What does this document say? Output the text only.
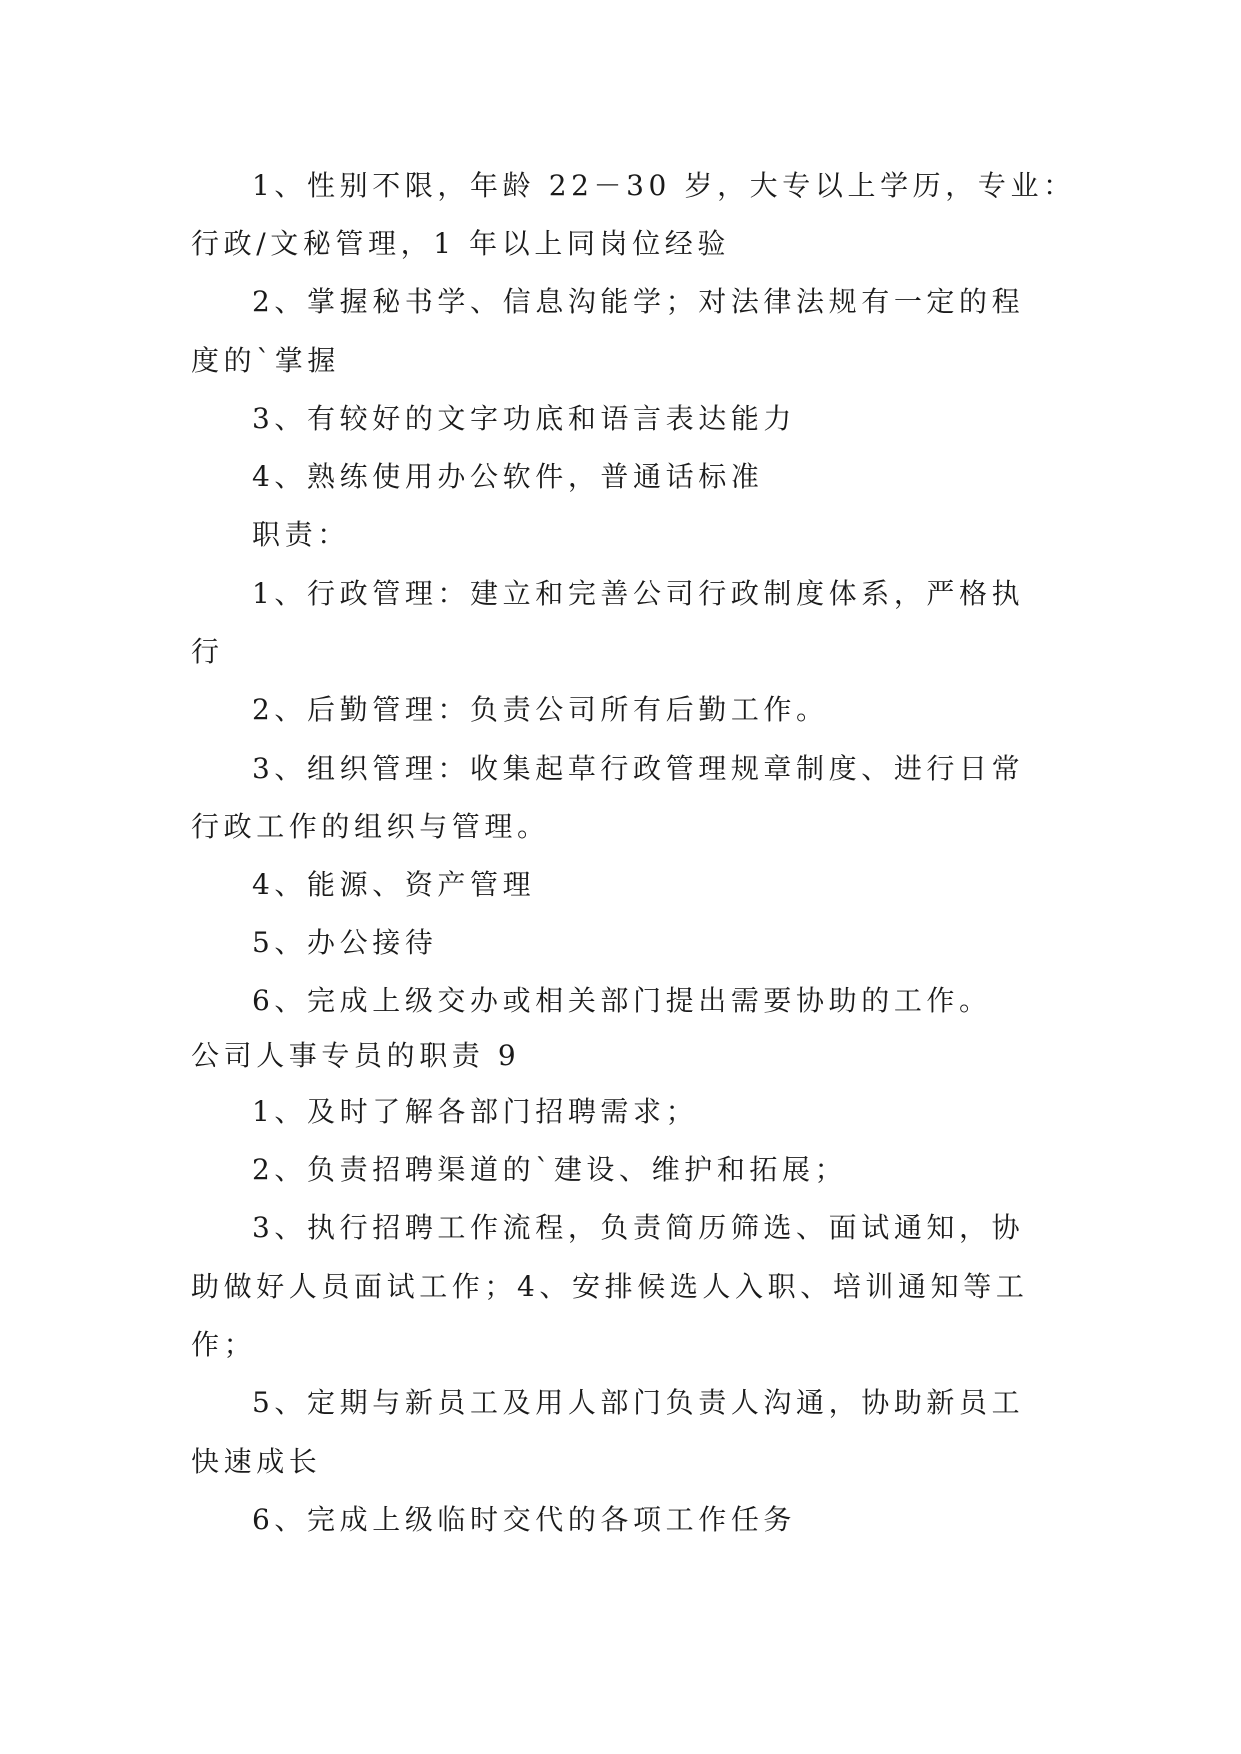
1、性别不限，年龄 22－30 岁，大专以上学历，专业：
行政/文秘管理，1 年以上同岗位经验
2、掌握秘书学、信息沟能学；对法律法规有一定的程
度的`掌握
3、有较好的文字功底和语言表达能力
4、熟练使用办公软件，普通话标准
职责：
1、行政管理：建立和完善公司行政制度体系，严格执
行
2、后勤管理：负责公司所有后勤工作。
3、组织管理：收集起草行政管理规章制度、进行日常
行政工作的组织与管理。
4、能源、资产管理
5、办公接待
6、完成上级交办或相关部门提出需要协助的工作。
公司人事专员的职责 9
1、及时了解各部门招聘需求；
2、负责招聘渠道的`建设、维护和拓展；
3、执行招聘工作流程，负责简历筛选、面试通知，协
助做好人员面试工作；4、安排候选人入职、培训通知等工
作；
5、定期与新员工及用人部门负责人沟通，协助新员工
快速成长
6、完成上级临时交代的各项工作任务
